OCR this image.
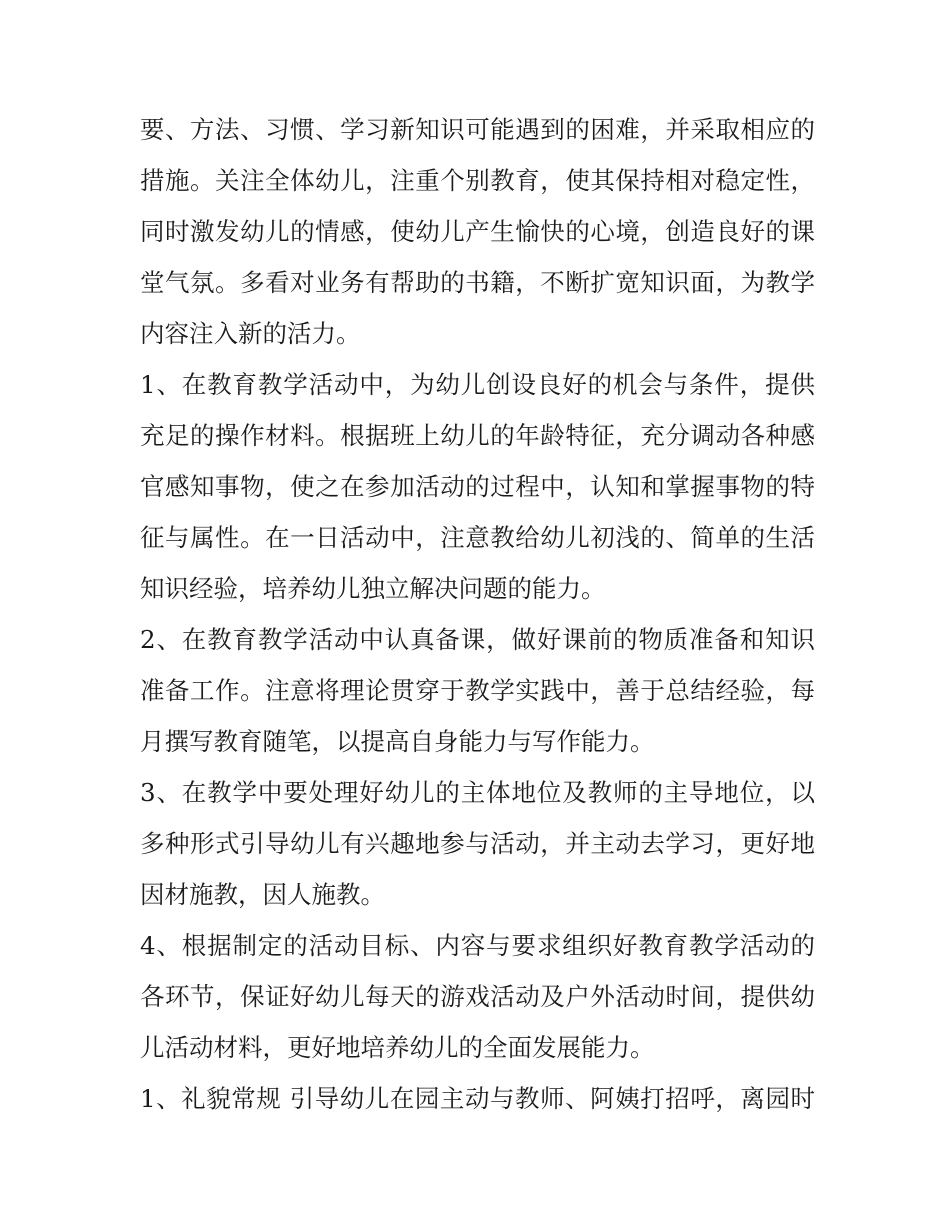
要、方法、习惯、学习新知识可能遇到的困难，并采取相应的
措施。关注全体幼儿，注重个别教育，使其保持相对稳定性，
同时激发幼儿的情感，使幼儿产生愉快的心境，创造良好的课
堂气氛。多看对业务有帮助的书籍，不断扩宽知识面，为教学
内容注入新的活力。
1、在教育教学活动中，为幼儿创设良好的机会与条件，提供
充足的操作材料。根据班上幼儿的年龄特征，充分调动各种感
官感知事物，使之在参加活动的过程中，认知和掌握事物的特
征与属性。在一日活动中，注意教给幼儿初浅的、简单的生活
知识经验，培养幼儿独立解决问题的能力。
2、在教育教学活动中认真备课，做好课前的物质准备和知识
准备工作。注意将理论贯穿于教学实践中，善于总结经验，每
月撰写教育随笔，以提高自身能力与写作能力。
3、在教学中要处理好幼儿的主体地位及教师的主导地位，以
多种形式引导幼儿有兴趣地参与活动，并主动去学习，更好地
因材施教，因人施教。
4、根据制定的活动目标、内容与要求组织好教育教学活动的
各环节，保证好幼儿每天的游戏活动及户外活动时间，提供幼
儿活动材料，更好地培养幼儿的全面发展能力。
1、礼貌常规 引导幼儿在园主动与教师、阿姨打招呼，离园时
